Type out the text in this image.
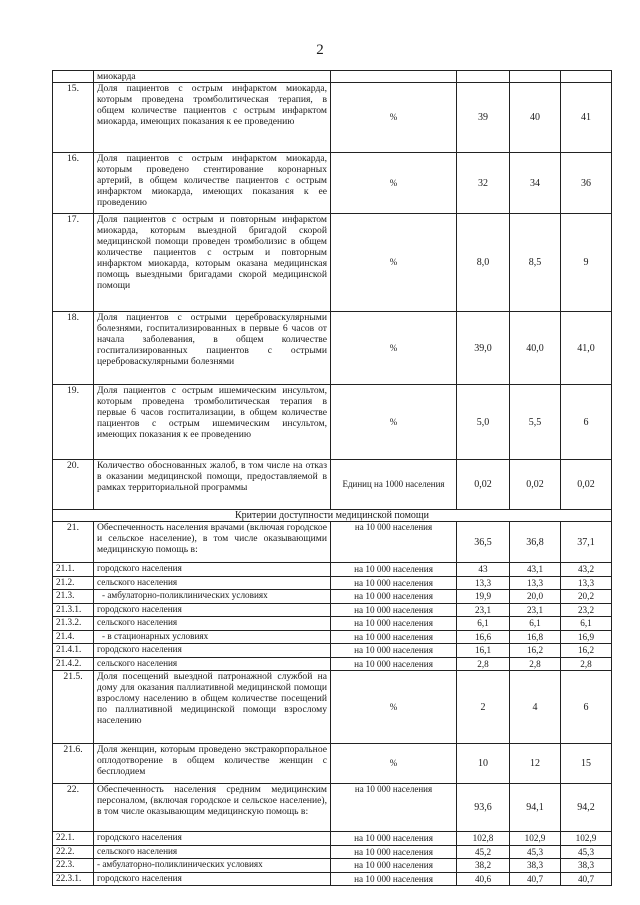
2
	миокарда				
15.	Доля пациентов с острым инфарктом миокарда, которым проведена тромболитическая терапия, в общем количестве пациентов с острым инфарктом миокарда, имеющих показания к ее проведению	%	39	40	41
16.	Доля пациентов с острым инфарктом миокарда, которым проведено стентирование коронарных артерий, в общем количестве пациентов с острым инфарктом миокарда, имеющих показания к ее проведению	%	32	34	36
17.	Доля пациентов с острым и повторным инфарктом миокарда, которым выездной бригадой скорой медицинской помощи проведен тромболизис в общем количестве пациентов с острым и повторным инфарктом миокарда, которым оказана медицинская помощь выездными бригадами скорой медицинской помощи	%	8,0	8,5	9
18.	Доля пациентов с острыми цереброваскулярными болезнями, госпитализированных в первые 6 часов от начала заболевания, в общем количестве госпитализированных пациентов с острыми цереброваскулярными болезнями	%	39,0	40,0	41,0
19.	Доля пациентов с острым ишемическим инсультом, которым проведена тромболитическая терапия в первые 6 часов госпитализации, в общем количестве пациентов с острым ишемическим инсультом, имеющих показания к ее проведению	%	5,0	5,5	6
20.	Количество обоснованных жалоб, в том числе на отказ в оказании медицинской помощи, предоставляемой в рамках территориальной программы	Единиц на 1000 населения	0,02	0,02	0,02
Критерии доступности медицинской помощи					
21.	Обеспеченность населения врачами (включая городское и сельское население), в том числе оказывающими медицинскую помощь в:	на 10 000 населения	36,5	36,8	37,1
21.1.	городского населения	на 10 000 населения	43	43,1	43,2
21.2.	сельского населения	на 10 000 населения	13,3	13,3	13,3
21.3.	- амбулаторно-поликлинических условиях	на 10 000 населения	19,9	20,0	20,2
21.3.1.	городского населения	на 10 000 населения	23,1	23,1	23,2
21.3.2.	сельского населения	на 10 000 населения	6,1	6,1	6,1
21.4.	- в стационарных условиях	на 10 000 населения	16,6	16,8	16,9
21.4.1.	городского населения	на 10 000 населения	16,1	16,2	16,2
21.4.2.	сельского населения	на 10 000 населения	2,8	2,8	2,8
21.5.	Доля посещений выездной патронажной службой на дому для оказания паллиативной медицинской помощи взрослому населению в общем количестве посещений по паллиативной медицинской помощи взрослому населению	%	2	4	6
21.6.	Доля женщин, которым проведено экстракорпоральное оплодотворение в общем количестве женщин с бесплодием	%	10	12	15
22.	Обеспеченность населения средним медицинским персоналом, (включая городское и сельское население), в том числе оказывающим медицинскую помощь в:	на 10 000 населения	93,6	94,1	94,2
22.1.	городского населения	на 10 000 населения	102,8	102,9	102,9
22.2.	сельского населения	на 10 000 населения	45,2	45,3	45,3
22.3.	- амбулаторно-поликлинических условиях	на 10 000 населения	38,2	38,3	38,3
22.3.1.	городского населения	на 10 000 населения	40,6	40,7	40,7
